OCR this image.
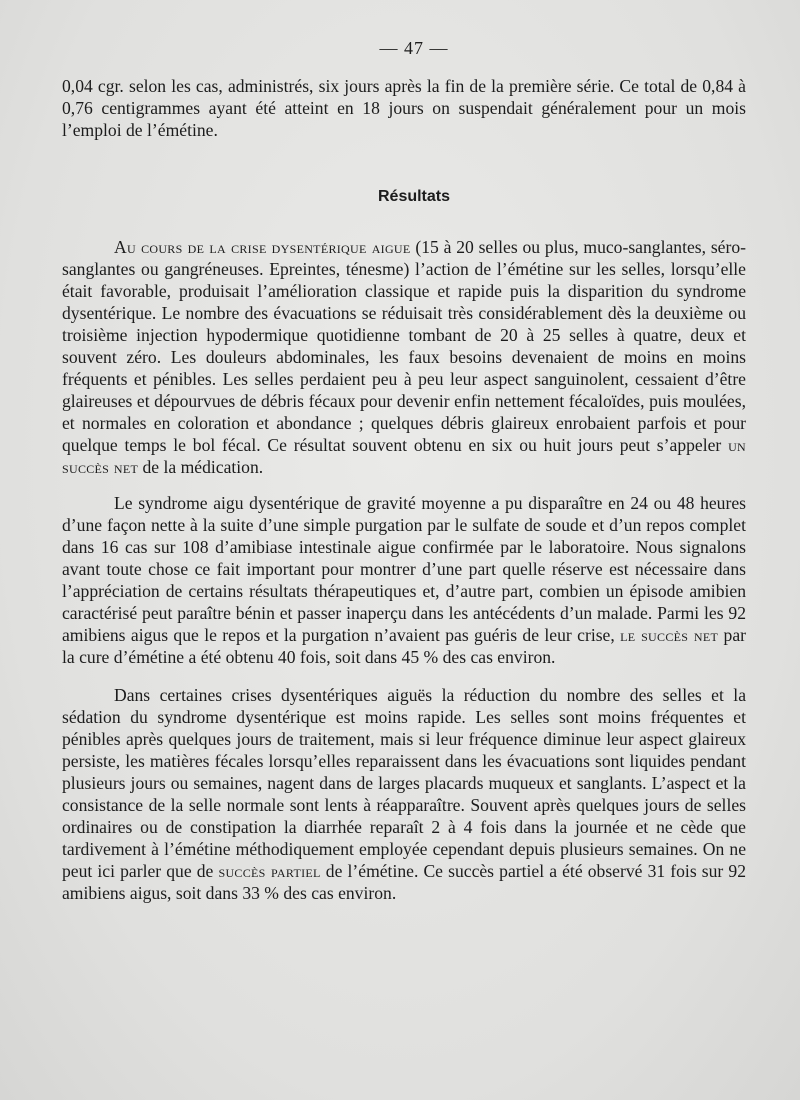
— 47 —

0,04 cgr. selon les cas, administrés, six jours après la fin de la première série. Ce total de 0,84 à 0,76 centigrammes ayant été atteint en 18 jours on suspendait généralement pour un mois l’emploi de l’émétine.

Résultats

Au cours de la crise dysentérique aigue (15 à 20 selles ou plus, muco-sanglantes, séro-sanglantes ou gangréneuses. Epreintes, ténesme) l’action de l’émétine sur les selles, lorsqu’elle était favorable, produisait l’amélioration classique et rapide puis la disparition du syndrome dysentérique. Le nombre des évacuations se réduisait très considérablement dès la deuxième ou troisième injection hypodermique quotidienne tombant de 20 à 25 selles à quatre, deux et souvent zéro. Les douleurs abdominales, les faux besoins devenaient de moins en moins fréquents et pénibles. Les selles perdaient peu à peu leur aspect sanguinolent, cessaient d’être glaireuses et dépourvues de débris fécaux pour devenir enfin nettement fécaloïdes, puis moulées, et normales en coloration et abondance ; quelques débris glaireux enrobaient parfois et pour quelque temps le bol fécal. Ce résultat souvent obtenu en six ou huit jours peut s’appeler un succès net de la médication.

Le syndrome aigu dysentérique de gravité moyenne a pu disparaître en 24 ou 48 heures d’une façon nette à la suite d’une simple purgation par le sulfate de soude et d’un repos complet dans 16 cas sur 108 d’amibiase intestinale aigue confirmée par le laboratoire. Nous signalons avant toute chose ce fait important pour montrer d’une part quelle réserve est nécessaire dans l’appréciation de certains résultats thérapeutiques et, d’autre part, combien un épisode amibien caractérisé peut paraître bénin et passer inaperçu dans les antécédents d’un malade. Parmi les 92 amibiens aigus que le repos et la purgation n’avaient pas guéris de leur crise, le succès net par la cure d’émétine a été obtenu 40 fois, soit dans 45 % des cas environ.

Dans certaines crises dysentériques aiguës la réduction du nombre des selles et la sédation du syndrome dysentérique est moins rapide. Les selles sont moins fréquentes et pénibles après quelques jours de traitement, mais si leur fréquence diminue leur aspect glaireux persiste, les matières fécales lorsqu’elles reparaissent dans les évacuations sont liquides pendant plusieurs jours ou semaines, nagent dans de larges placards muqueux et sanglants. L’aspect et la consistance de la selle normale sont lents à réapparaître. Souvent après quelques jours de selles ordinaires ou de constipation la diarrhée reparaît 2 à 4 fois dans la journée et ne cède que tardivement à l’émétine méthodiquement employée cependant depuis plusieurs semaines. On ne peut ici parler que de succès partiel de l’émétine. Ce succès partiel a été observé 31 fois sur 92 amibiens aigus, soit dans 33 % des cas environ.
